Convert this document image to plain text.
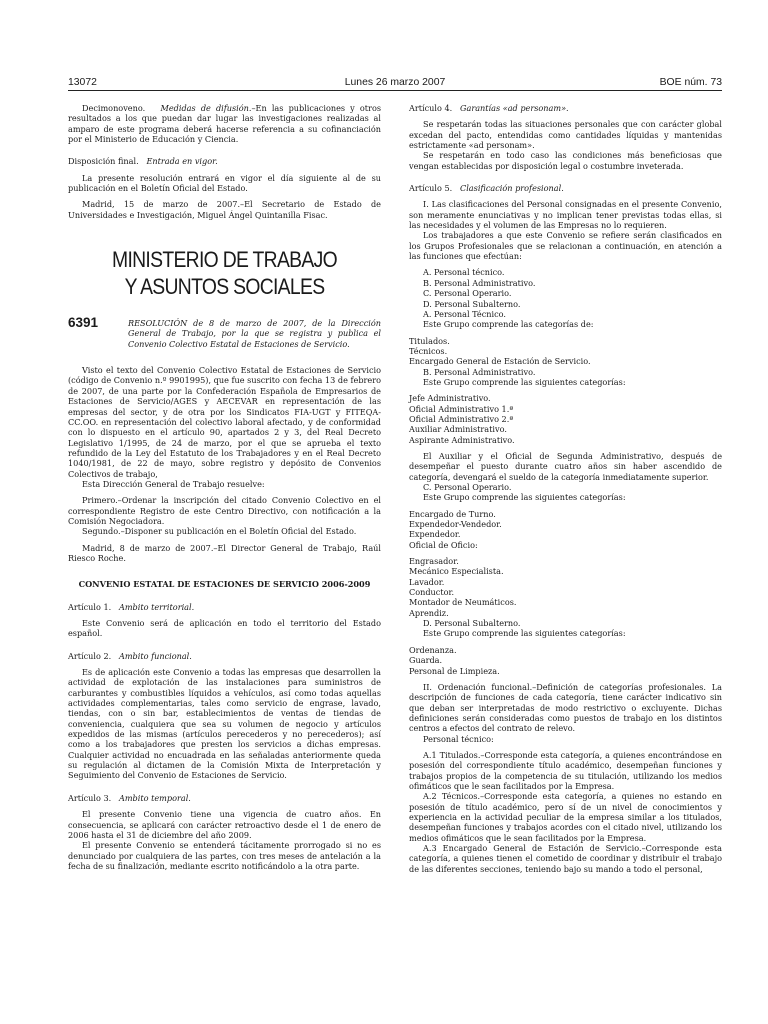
13072	Lunes 26 marzo 2007	BOE núm. 73

Decimonoveno. Medidas de difusión.–En las publicaciones y otros resultados a los que puedan dar lugar las investigaciones realizadas al amparo de este programa deberá hacerse referencia a su cofinanciación por el Ministerio de Educación y Ciencia.

Disposición final. Entrada en vigor.

La presente resolución entrará en vigor el día siguiente al de su publicación en el Boletín Oficial del Estado.

Madrid, 15 de marzo de 2007.–El Secretario de Estado de Universidades e Investigación, Miguel Ángel Quintanilla Fisac.

MINISTERIO DE TRABAJO
Y ASUNTOS SOCIALES
6391	RESOLUCIÓN de 8 de marzo de 2007, de la Dirección General de Trabajo, por la que se registra y publica el Convenio Colectivo Estatal de Estaciones de Servicio.

Visto el texto del Convenio Colectivo Estatal de Estaciones de Servicio (código de Convenio n.º 9901995), que fue suscrito con fecha 13 de febrero de 2007, de una parte por la Confederación Española de Empresarios de Estaciones de Servicio/AGES y AECEVAR en representación de las empresas del sector, y de otra por los Sindicatos FIA-UGT y FITEQA-CC.OO. en representación del colectivo laboral afectado, y de conformidad con lo dispuesto en el artículo 90, apartados 2 y 3, del Real Decreto Legislativo 1/1995, de 24 de marzo, por el que se aprueba el texto refundido de la Ley del Estatuto de los Trabajadores y en el Real Decreto 1040/1981, de 22 de mayo, sobre registro y depósito de Convenios Colectivos de trabajo,

Esta Dirección General de Trabajo resuelve:

Primero.–Ordenar la inscripción del citado Convenio Colectivo en el correspondiente Registro de este Centro Directivo, con notificación a la Comisión Negociadora.

Segundo.–Disponer su publicación en el Boletín Oficial del Estado.

Madrid, 8 de marzo de 2007.–El Director General de Trabajo, Raúl Riesco Roche.

CONVENIO ESTATAL DE ESTACIONES DE SERVICIO 2006-2009

Artículo 1. Ambito territorial.

Este Convenio será de aplicación en todo el territorio del Estado español.

Artículo 2. Ambito funcional.

Es de aplicación este Convenio a todas las empresas que desarrollen la actividad de explotación de las instalaciones para suministros de carburantes y combustibles líquidos a vehículos, así como todas aquellas actividades complementarias, tales como servicio de engrase, lavado, tiendas, con o sin bar, establecimientos de ventas de tiendas de conveniencia, cualquiera que sea su volumen de negocio y artículos expedidos de las mismas (artículos perecederos y no perecederos); así como a los trabajadores que presten los servicios a dichas empresas. Cualquier actividad no encuadrada en las señaladas anteriormente queda su regulación al dictamen de la Comisión Mixta de Interpretación y Seguimiento del Convenio de Estaciones de Servicio.

Artículo 3. Ambito temporal.

El presente Convenio tiene una vigencia de cuatro años. En consecuencia, se aplicará con carácter retroactivo desde el 1 de enero de 2006 hasta el 31 de diciembre del año 2009.

El presente Convenio se entenderá tácitamente prorrogado si no es denunciado por cualquiera de las partes, con tres meses de antelación a la fecha de su finalización, mediante escrito notificándolo a la otra parte.

Artículo 4. Garantías «ad personam».

Se respetarán todas las situaciones personales que con carácter global excedan del pacto, entendidas como cantidades líquidas y mantenidas estrictamente «ad personam».

Se respetarán en todo caso las condiciones más beneficiosas que vengan establecidas por disposición legal o costumbre inveterada.

Artículo 5. Clasificación profesional.

I. Las clasificaciones del Personal consignadas en el presente Convenio, son meramente enunciativas y no implican tener previstas todas ellas, si las necesidades y el volumen de las Empresas no lo requieren.

Los trabajadores a que este Convenio se refiere serán clasificados en los Grupos Profesionales que se relacionan a continuación, en atención a las funciones que efectúan:

A. Personal técnico.

B. Personal Administrativo.

C. Personal Operario.

D. Personal Subalterno.

A. Personal Técnico.

Este Grupo comprende las categorías de:

Titulados.

Técnicos.

Encargado General de Estación de Servicio.

B. Personal Administrativo.

Este Grupo comprende las siguientes categorías:

Jefe Administrativo.

Oficial Administrativo 1.ª

Oficial Administrativo 2.ª

Auxiliar Administrativo.

Aspirante Administrativo.

El Auxiliar y el Oficial de Segunda Administrativo, después de desempeñar el puesto durante cuatro años sin haber ascendido de categoría, devengará el sueldo de la categoría inmediatamente superior.

C. Personal Operario.

Este Grupo comprende las siguientes categorías:

Encargado de Turno.

Expendedor-Vendedor.

Expendedor.

Oficial de Oficio:

Engrasador.

Mecánico Especialista.

Lavador.

Conductor.

Montador de Neumáticos.

Aprendiz.

D. Personal Subalterno.

Este Grupo comprende las siguientes categorías:

Ordenanza.

Guarda.

Personal de Limpieza.

II. Ordenación funcional.–Definición de categorías profesionales. La descripción de funciones de cada categoría, tiene carácter indicativo sin que deban ser interpretadas de modo restrictivo o excluyente. Dichas definiciones serán consideradas como puestos de trabajo en los distintos centros a efectos del contrato de relevo.

Personal técnico:

A.1 Titulados.–Corresponde esta categoría, a quienes encontrándose en posesión del correspondiente título académico, desempeñan funciones y trabajos propios de la competencia de su titulación, utilizando los medios ofimáticos que le sean facilitados por la Empresa.

A.2 Técnicos.–Corresponde esta categoría, a quienes no estando en posesión de título académico, pero sí de un nivel de conocimientos y experiencia en la actividad peculiar de la empresa similar a los titulados, desempeñan funciones y trabajos acordes con el citado nivel, utilizando los medios ofimáticos que le sean facilitados por la Empresa.

A.3 Encargado General de Estación de Servicio.–Corresponde esta categoría, a quienes tienen el cometido de coordinar y distribuir el trabajo de las diferentes secciones, teniendo bajo su mando a todo el personal,
